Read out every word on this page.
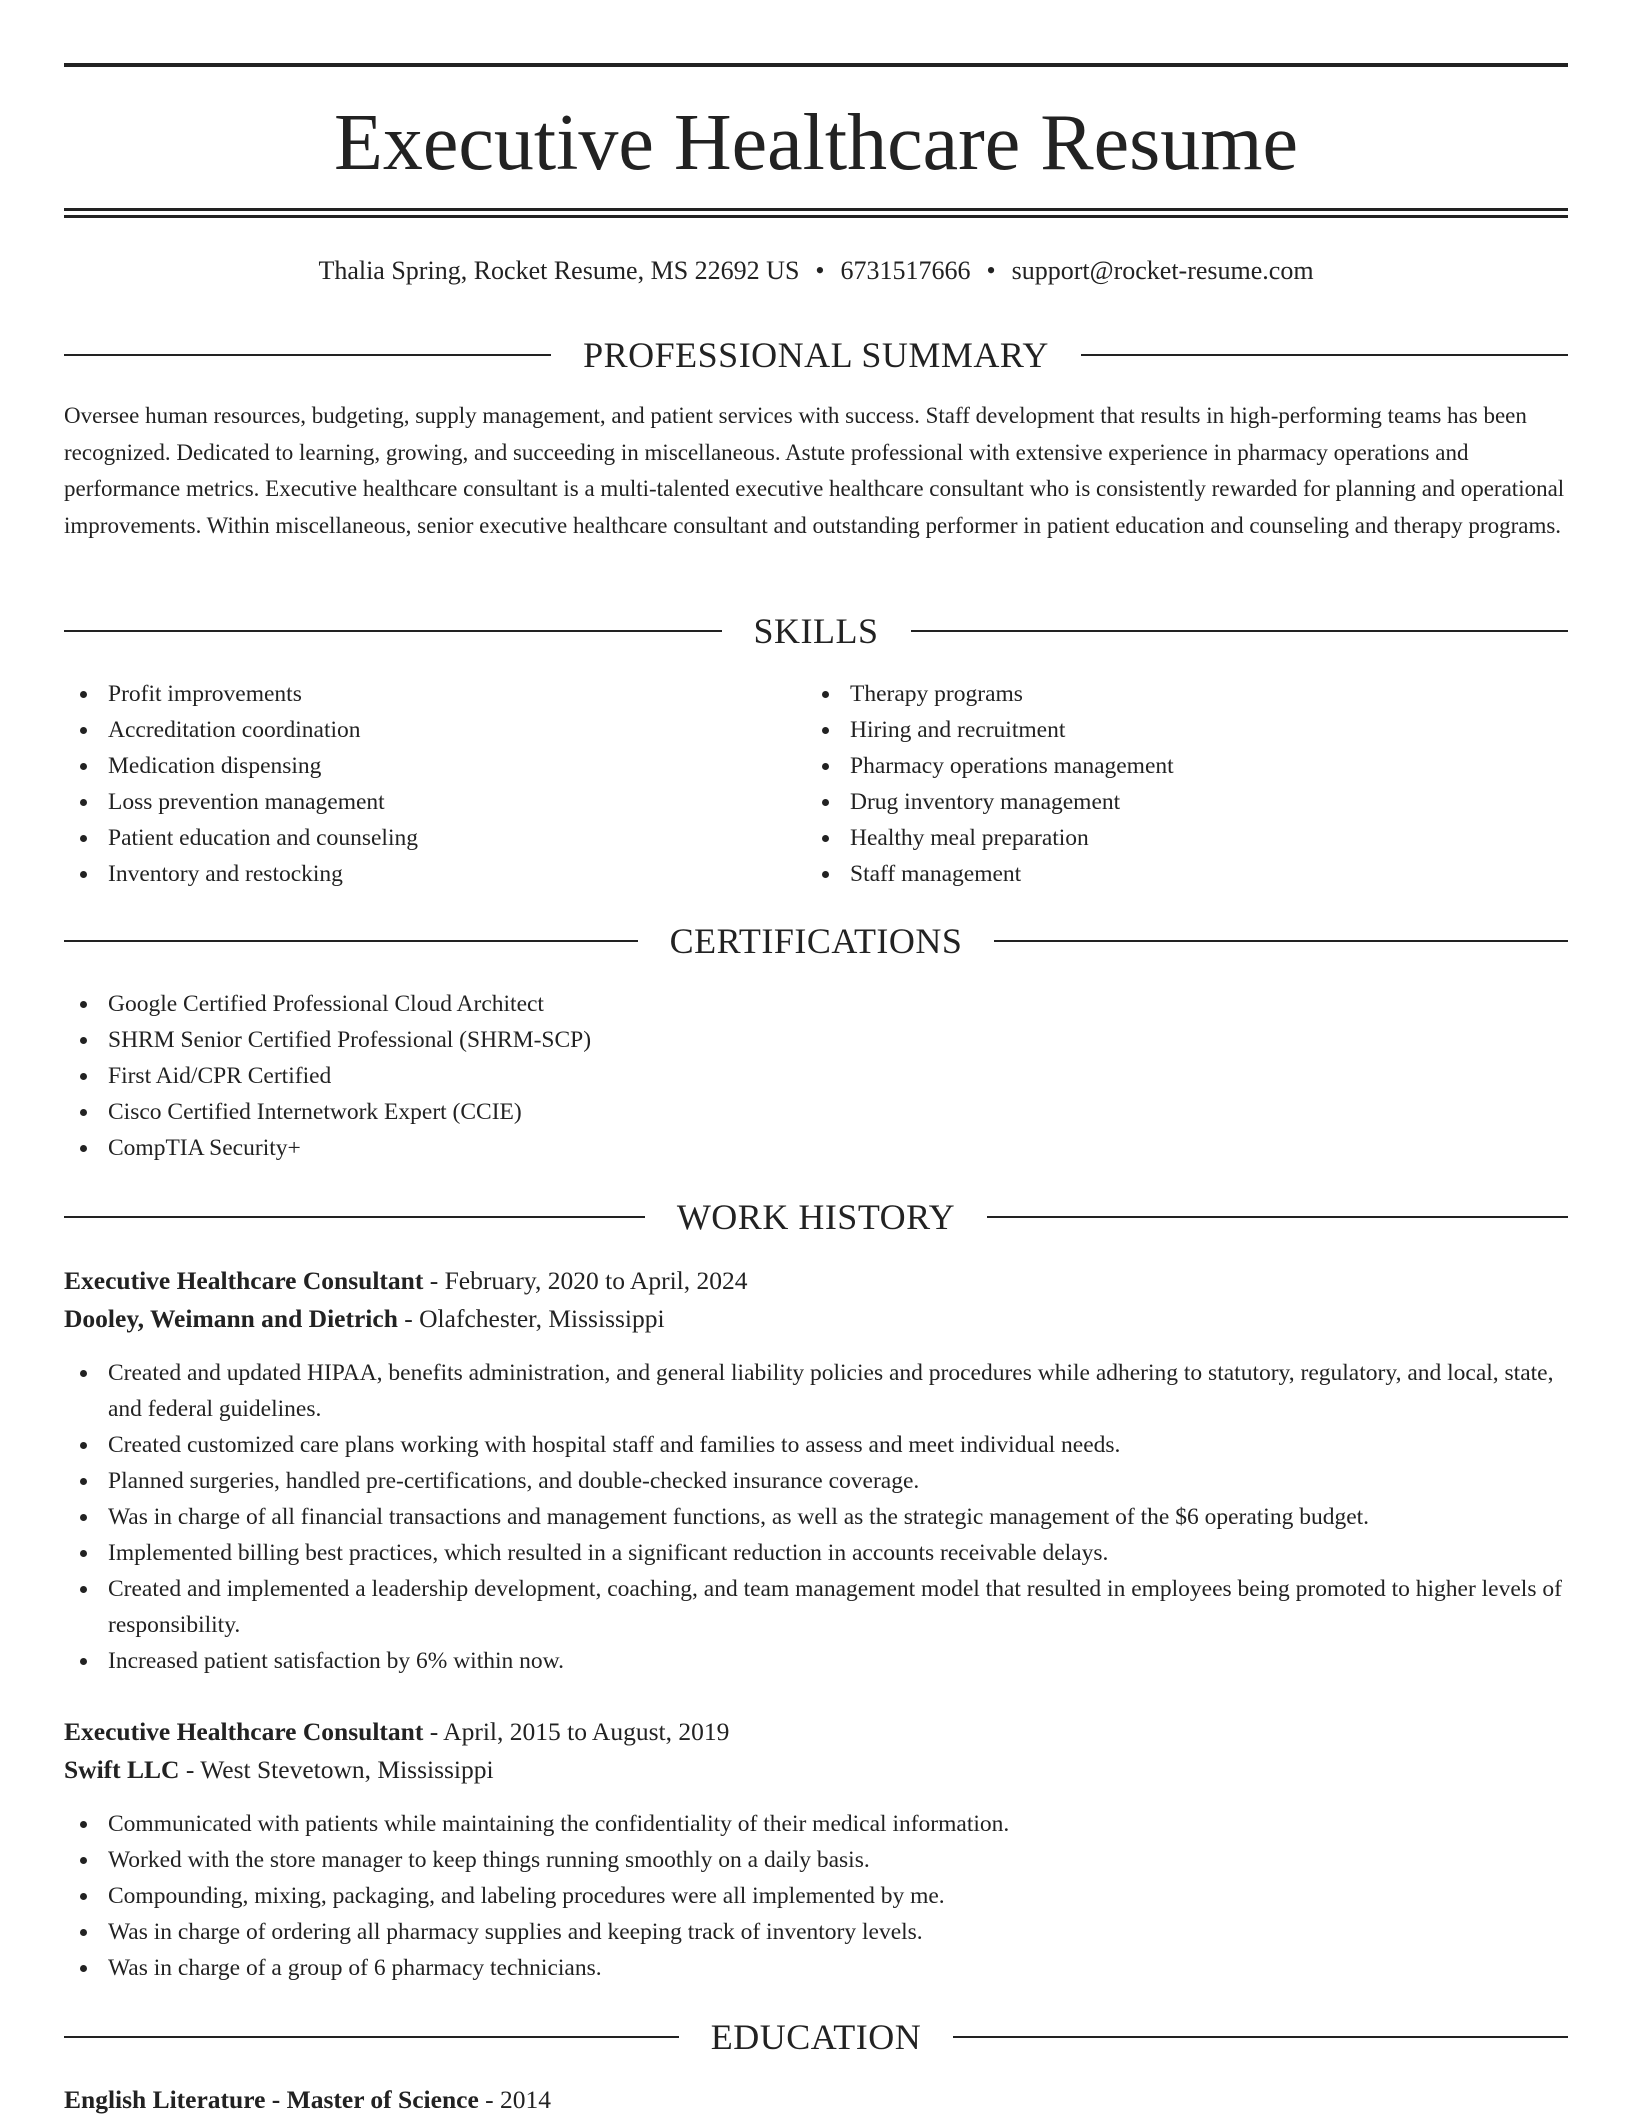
Executive Healthcare Resume
Thalia Spring, Rocket Resume, MS 22692 US • 6731517666 • support@rocket-resume.com
PROFESSIONAL SUMMARY

Oversee human resources, budgeting, supply management, and patient services with success. Staff development that results in high-performing teams has been recognized. Dedicated to learning, growing, and succeeding in miscellaneous. Astute professional with extensive experience in pharmacy operations and performance metrics. Executive healthcare consultant is a multi-talented executive healthcare consultant who is consistently rewarded for planning and operational improvements. Within miscellaneous, senior executive healthcare consultant and outstanding performer in patient education and counseling and therapy programs.

SKILLS
Profit improvements
Accreditation coordination
Medication dispensing
Loss prevention management
Patient education and counseling
Inventory and restocking
Therapy programs
Hiring and recruitment
Pharmacy operations management
Drug inventory management
Healthy meal preparation
Staff management
CERTIFICATIONS
Google Certified Professional Cloud Architect
SHRM Senior Certified Professional (SHRM-SCP)
First Aid/CPR Certified
Cisco Certified Internetwork Expert (CCIE)
CompTIA Security+
WORK HISTORY
Executive Healthcare Consultant - February, 2020 to April, 2024
Dooley, Weimann and Dietrich - Olafchester, Mississippi
Created and updated HIPAA, benefits administration, and general liability policies and procedures while adhering to statutory, regulatory, and local, state, and federal guidelines.
Created customized care plans working with hospital staff and families to assess and meet individual needs.
Planned surgeries, handled pre-certifications, and double-checked insurance coverage.
Was in charge of all financial transactions and management functions, as well as the strategic management of the $6 operating budget.
Implemented billing best practices, which resulted in a significant reduction in accounts receivable delays.
Created and implemented a leadership development, coaching, and team management model that resulted in employees being promoted to higher levels of responsibility.
Increased patient satisfaction by 6% within now.
Executive Healthcare Consultant - April, 2015 to August, 2019
Swift LLC - West Stevetown, Mississippi
Communicated with patients while maintaining the confidentiality of their medical information.
Worked with the store manager to keep things running smoothly on a daily basis.
Compounding, mixing, packaging, and labeling procedures were all implemented by me.
Was in charge of ordering all pharmacy supplies and keeping track of inventory levels.
Was in charge of a group of 6 pharmacy technicians.
EDUCATION
English Literature - Master of Science - 2014
